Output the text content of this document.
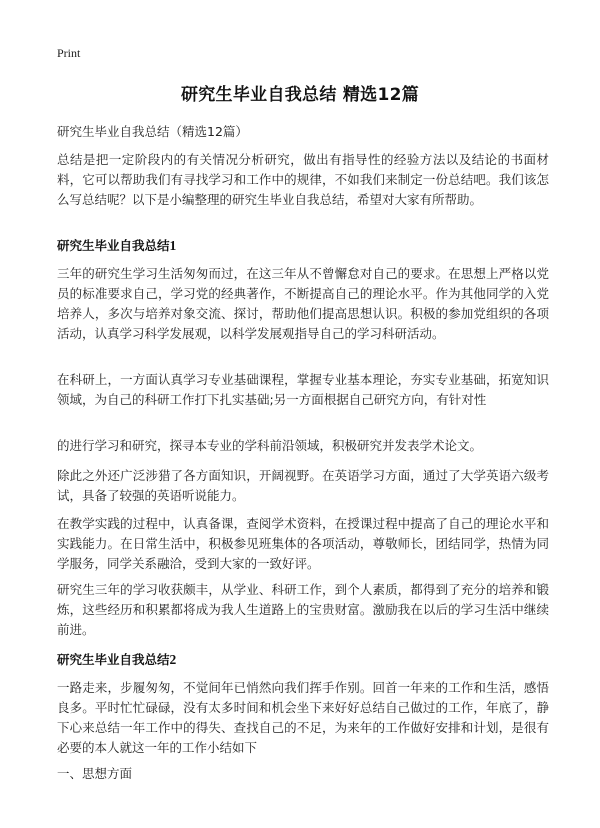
Print
研究生毕业自我总结 精选12篇

研究生毕业自我总结（精选12篇）

总结是把一定阶段内的有关情况分析研究，做出有指导性的经验方法以及结论的书面材料，它可以帮助我们有寻找学习和工作中的规律，不如我们来制定一份总结吧。我们该怎么写总结呢？以下是小编整理的研究生毕业自我总结，希望对大家有所帮助。

研究生毕业自我总结1

三年的研究生学习生活匆匆而过，在这三年从不曾懈怠对自己的要求。在思想上严格以党员的标准要求自己，学习党的经典著作，不断提高自己的理论水平。作为其他同学的入党培养人，多次与培养对象交流、探讨，帮助他们提高思想认识。积极的参加党组织的各项活动，认真学习科学发展观，以科学发展观指导自己的学习科研活动。

在科研上，一方面认真学习专业基础课程，掌握专业基本理论，夯实专业基础，拓宽知识领域，为自己的科研工作打下扎实基础;另一方面根据自己研究方向，有针对性

的进行学习和研究，探寻本专业的学科前沿领域，积极研究并发表学术论文。

除此之外还广泛涉猎了各方面知识，开阔视野。在英语学习方面，通过了大学英语六级考试，具备了较强的英语听说能力。

在教学实践的过程中，认真备课，查阅学术资料，在授课过程中提高了自己的理论水平和实践能力。在日常生活中，积极参见班集体的各项活动，尊敬师长，团结同学，热情为同学服务，同学关系融洽，受到大家的一致好评。

研究生三年的学习收获颇丰，从学业、科研工作，到个人素质，都得到了充分的培养和锻炼，这些经历和积累都将成为我人生道路上的宝贵财富。激励我在以后的学习生活中继续前进。

研究生毕业自我总结2

一路走来，步履匆匆，不觉间年已悄然向我们挥手作别。回首一年来的工作和生活，感悟良多。平时忙忙碌碌，没有太多时间和机会坐下来好好总结自己做过的工作，年底了，静下心来总结一年工作中的得失、查找自己的不足，为来年的工作做好安排和计划，是很有必要的本人就这一年的工作小结如下

一、思想方面
